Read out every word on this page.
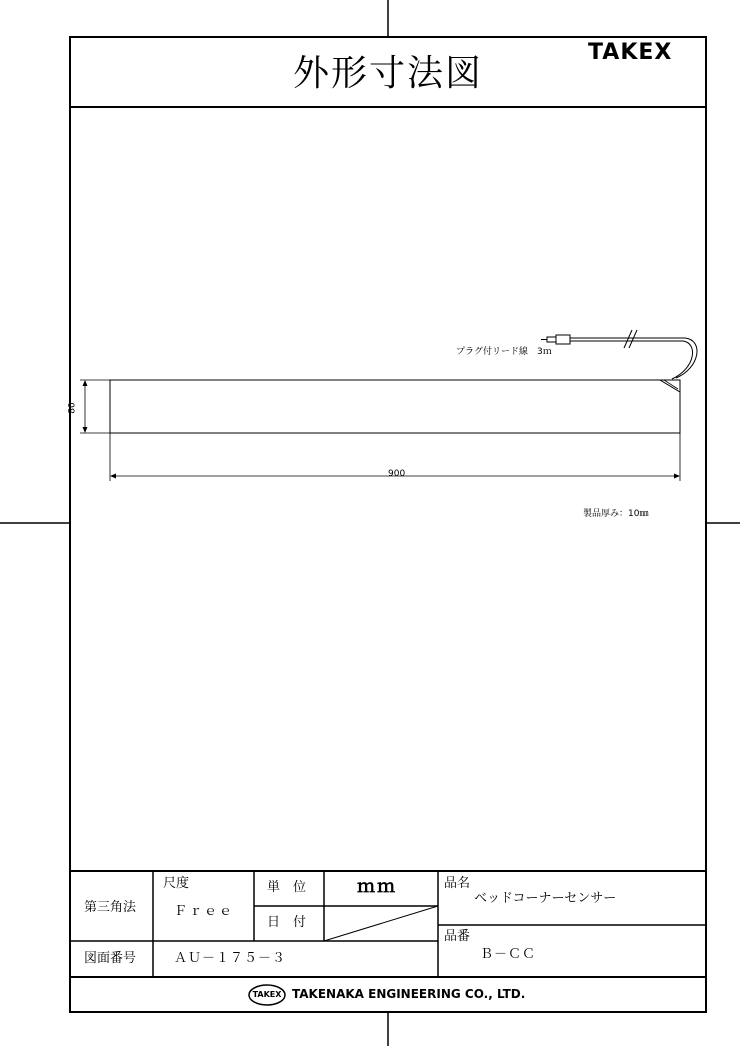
外形寸法図
TAKEX
プラグ付リード線　3ｍ
80
900
製品厚み：10㎜
第三角法
尺度
Ｆｒｅｅ
単　位	ｍｍ
日　付
品名
ベッドコーナーセンサー
図面番号	ＡＵ－１７５－３
品番
Ｂ－ＣＣ
TAKEX TAKENAKA ENGINEERING CO., LTD.
